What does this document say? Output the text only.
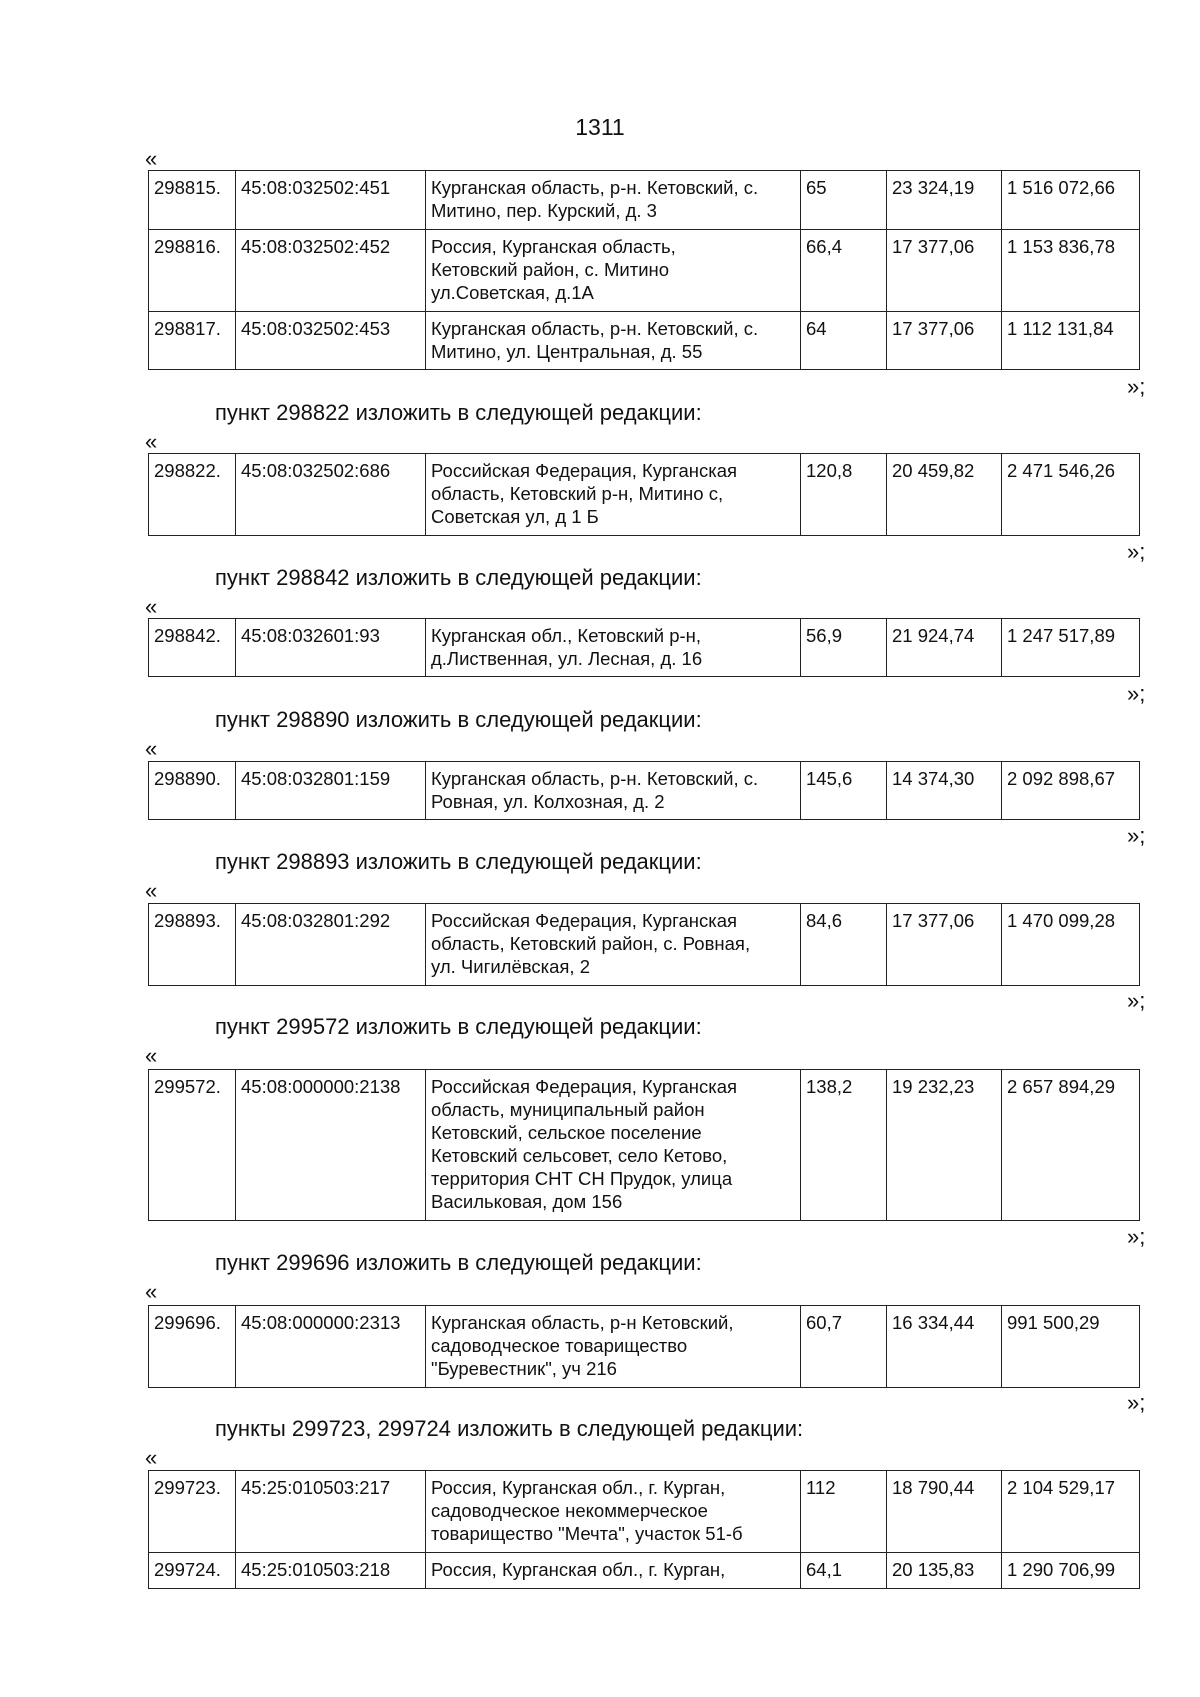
1311
«
298815.	45:08:032502:451	Курганская область, р-н. Кетовский, с.
Митино, пер. Курский, д. 3	65	23 324,19	1 516 072,66
298816.	45:08:032502:452	Россия, Курганская область,
Кетовский район, с. Митино
ул.Советская, д.1А	66,4	17 377,06	1 153 836,78
298817.	45:08:032502:453	Курганская область, р-н. Кетовский, с.
Митино, ул. Центральная, д. 55	64	17 377,06	1 112 131,84
»;
пункт 298822 изложить в следующей редакции:
«
298822.	45:08:032502:686	Российская Федерация, Курганская
область, Кетовский р-н, Митино с,
Советская ул, д 1 Б
	120,8	20 459,82	2 471 546,26
»;
пункт 298842 изложить в следующей редакции:
«
298842.	45:08:032601:93	Курганская обл., Кетовский р-н,
д.Лиственная, ул. Лесная, д. 16
	56,9	21 924,74	1 247 517,89
»;
пункт 298890 изложить в следующей редакции:
«
298890.	45:08:032801:159	Курганская область, р-н. Кетовский, с.
Ровная, ул. Колхозная, д. 2
	145,6	14 374,30	2 092 898,67
»;
пункт 298893 изложить в следующей редакции:
«
298893.	45:08:032801:292	Российская Федерация, Курганская
область, Кетовский район, с. Ровная,
ул. Чигилёвская, 2
	84,6	17 377,06	1 470 099,28
»;
пункт 299572 изложить в следующей редакции:
«
299572.	45:08:000000:2138	Российская Федерация, Курганская
область, муниципальный район
Кетовский, сельское поселение
Кетовский сельсовет, село Кетово,
территория СНТ СН Прудок, улица
Васильковая, дом 156
	138,2	19 232,23	2 657 894,29
»;
пункт 299696 изложить в следующей редакции:
«
299696.	45:08:000000:2313	Курганская область, р-н Кетовский,
садоводческое товарищество
"Буревестник", уч 216
	60,7	16 334,44	991 500,29
»;
пункты 299723, 299724 изложить в следующей редакции:
«
299723.	45:25:010503:217	Россия, Курганская обл., г. Курган,
садоводческое некоммерческое
товарищество "Мечта", участок 51-б	112	18 790,44	2 104 529,17
299724.	45:25:010503:218	Россия, Курганская обл., г. Курган,	64,1	20 135,83	1 290 706,99
